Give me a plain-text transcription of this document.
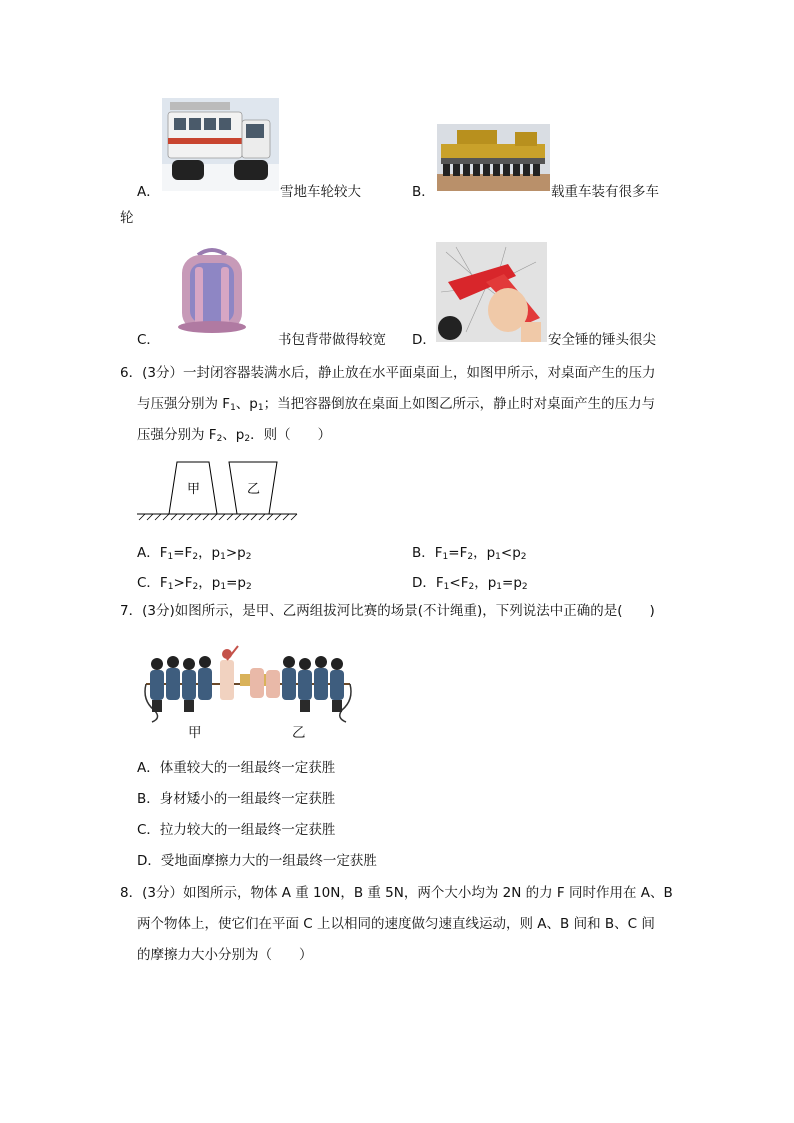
A．	雪地车轮较大	B．	载重车装有很多车
轮
C．	书包背带做得较宽 D．	安全锤的锤头很尖
6．(3分）一封闭容器装满水后，静止放在水平面桌面上，如图甲所示，对桌面产生的压力
与压强分别为 $F_1$、$p_1$；当把容器倒放在桌面上如图乙所示，静止时对桌面产生的压力与
压强分别为 $F_2$、$p_2$．则（　　）
甲	乙
A．$F_1=F_2$，$p_1>p_2$	B．$F_1=F_2$，$p_1<p_2$
C．$F_1>F_2$，$p_1=p_2$	D．$F_1<F_2$，$p_1=p_2$
7．(3分)如图所示，是甲、乙两组拔河比赛的场景(不计绳重)，下列说法中正确的是(　　)
甲	乙
A．体重较大的一组最终一定获胜
B．身材矮小的一组最终一定获胜
C．拉力较大的一组最终一定获胜
D．受地面摩擦力大的一组最终一定获胜
8．(3分）如图所示，物体 A 重 10N，B 重 5N，两个大小均为 2N 的力 F 同时作用在 A、B
两个物体上，使它们在平面 C 上以相同的速度做匀速直线运动，则 A、B 间和 B、C 间
的摩擦力大小分别为（　　）
